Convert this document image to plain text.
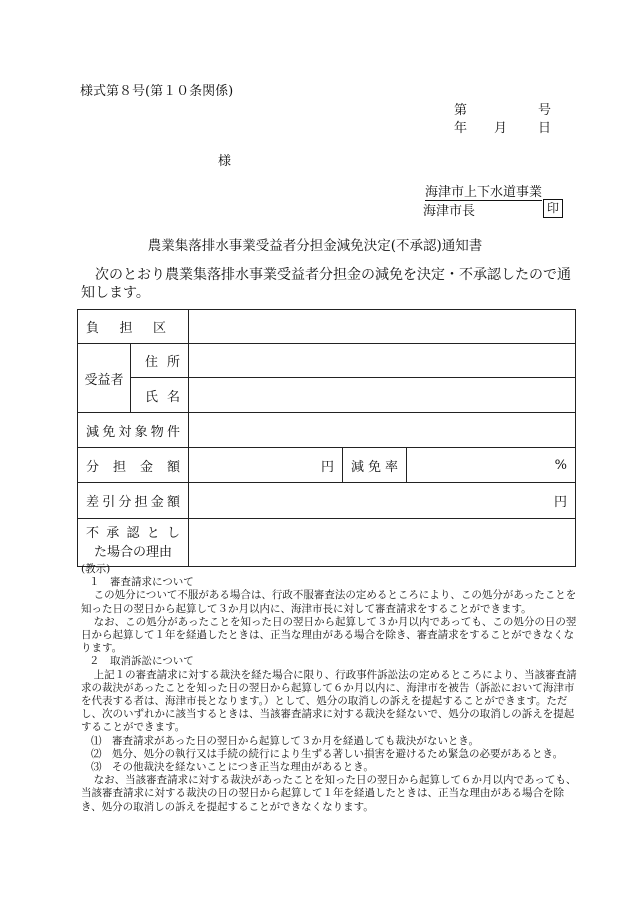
様式第８号(第１０条関係)
第	号
年 月 日
様
海津市上下水道事業
海津市長	印
農業集落排水事業受益者分担金減免決定(不承認)通知書

次のとおり農業集落排水事業受益者分担金の減免を決定・不承認したので通知します。

負担区				

受益者	住所			

	氏名			

減免対象物件				

分担金額		円	減免率	%

差引分担金額		円		

不承認とし
た場合の理由				

(教示)
１　審査請求について
この処分について不服がある場合は、行政不服審査法の定めるところにより、この処分があったことを知った日の翌日から起算して３か月以内に、海津市長に対して審査請求をすることができます。
なお、この処分があったことを知った日の翌日から起算して３か月以内であっても、この処分の日の翌日から起算して１年を経過したときは、正当な理由がある場合を除き、審査請求をすることができなくなります。
２　取消訴訟について
上記１の審査請求に対する裁決を経た場合に限り、行政事件訴訟法の定めるところにより、当該審査請求の裁決があったことを知った日の翌日から起算して６か月以内に、海津市を被告（訴訟において海津市を代表する者は、海津市長となります。）として、処分の取消しの訴えを提起することができます。ただし、次のいずれかに該当するときは、当該審査請求に対する裁決を経ないで、処分の取消しの訴えを提起することができます。
⑴　審査請求があった日の翌日から起算して３か月を経過しても裁決がないとき。
⑵　処分、処分の執行又は手続の続行により生ずる著しい損害を避けるため緊急の必要があるとき。
⑶　その他裁決を経ないことにつき正当な理由があるとき。
なお、当該審査請求に対する裁決があったことを知った日の翌日から起算して６か月以内であっても、当該審査請求に対する裁決の日の翌日から起算して１年を経過したときは、正当な理由がある場合を除き、処分の取消しの訴えを提起することができなくなります。
